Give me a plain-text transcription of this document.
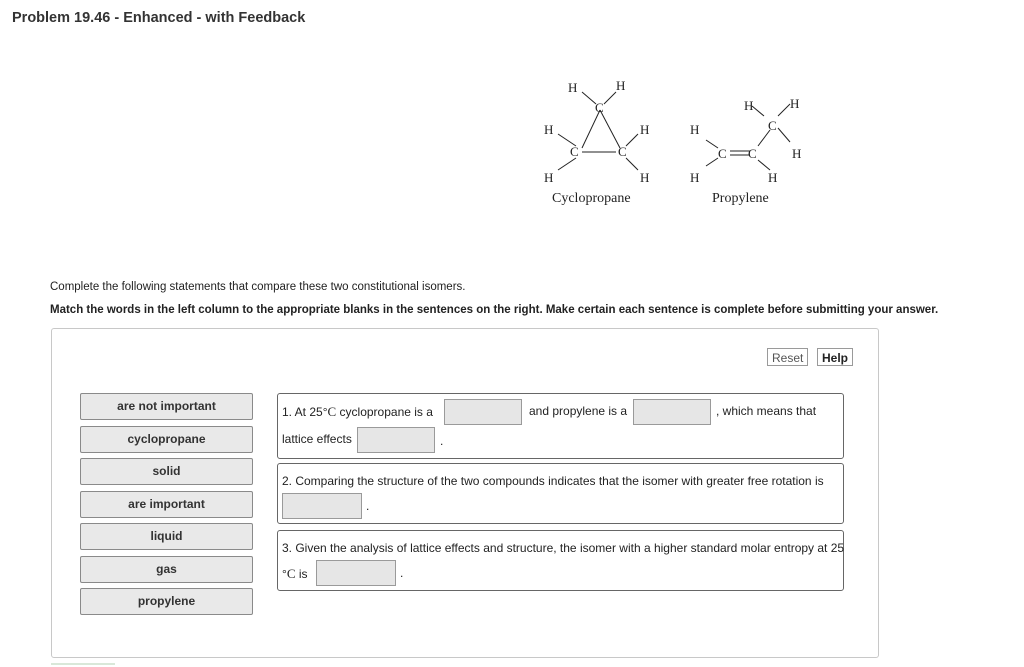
Problem 19.46 - Enhanced - with Feedback
H	H
C
H	H
C	C
H	H
Cyclopropane
H	H
H	C
H
C C
H	H
Propylene
Complete the following statements that compare these two constitutional isomers.
Match the words in the left column to the appropriate blanks in the sentences on the right. Make certain each sentence is complete before submitting your answer.
Reset	Help
are not important
cyclopropane
solid
are important
liquid
gas
propylene
1. At 25°C cyclopropane is a	and propylene is a	, which means that
lattice effects	.
2. Comparing the structure of the two compounds indicates that the isomer with greater free rotation is
.
3. Given the analysis of lattice effects and structure, the isomer with a higher standard molar entropy at 25
°C is	.
